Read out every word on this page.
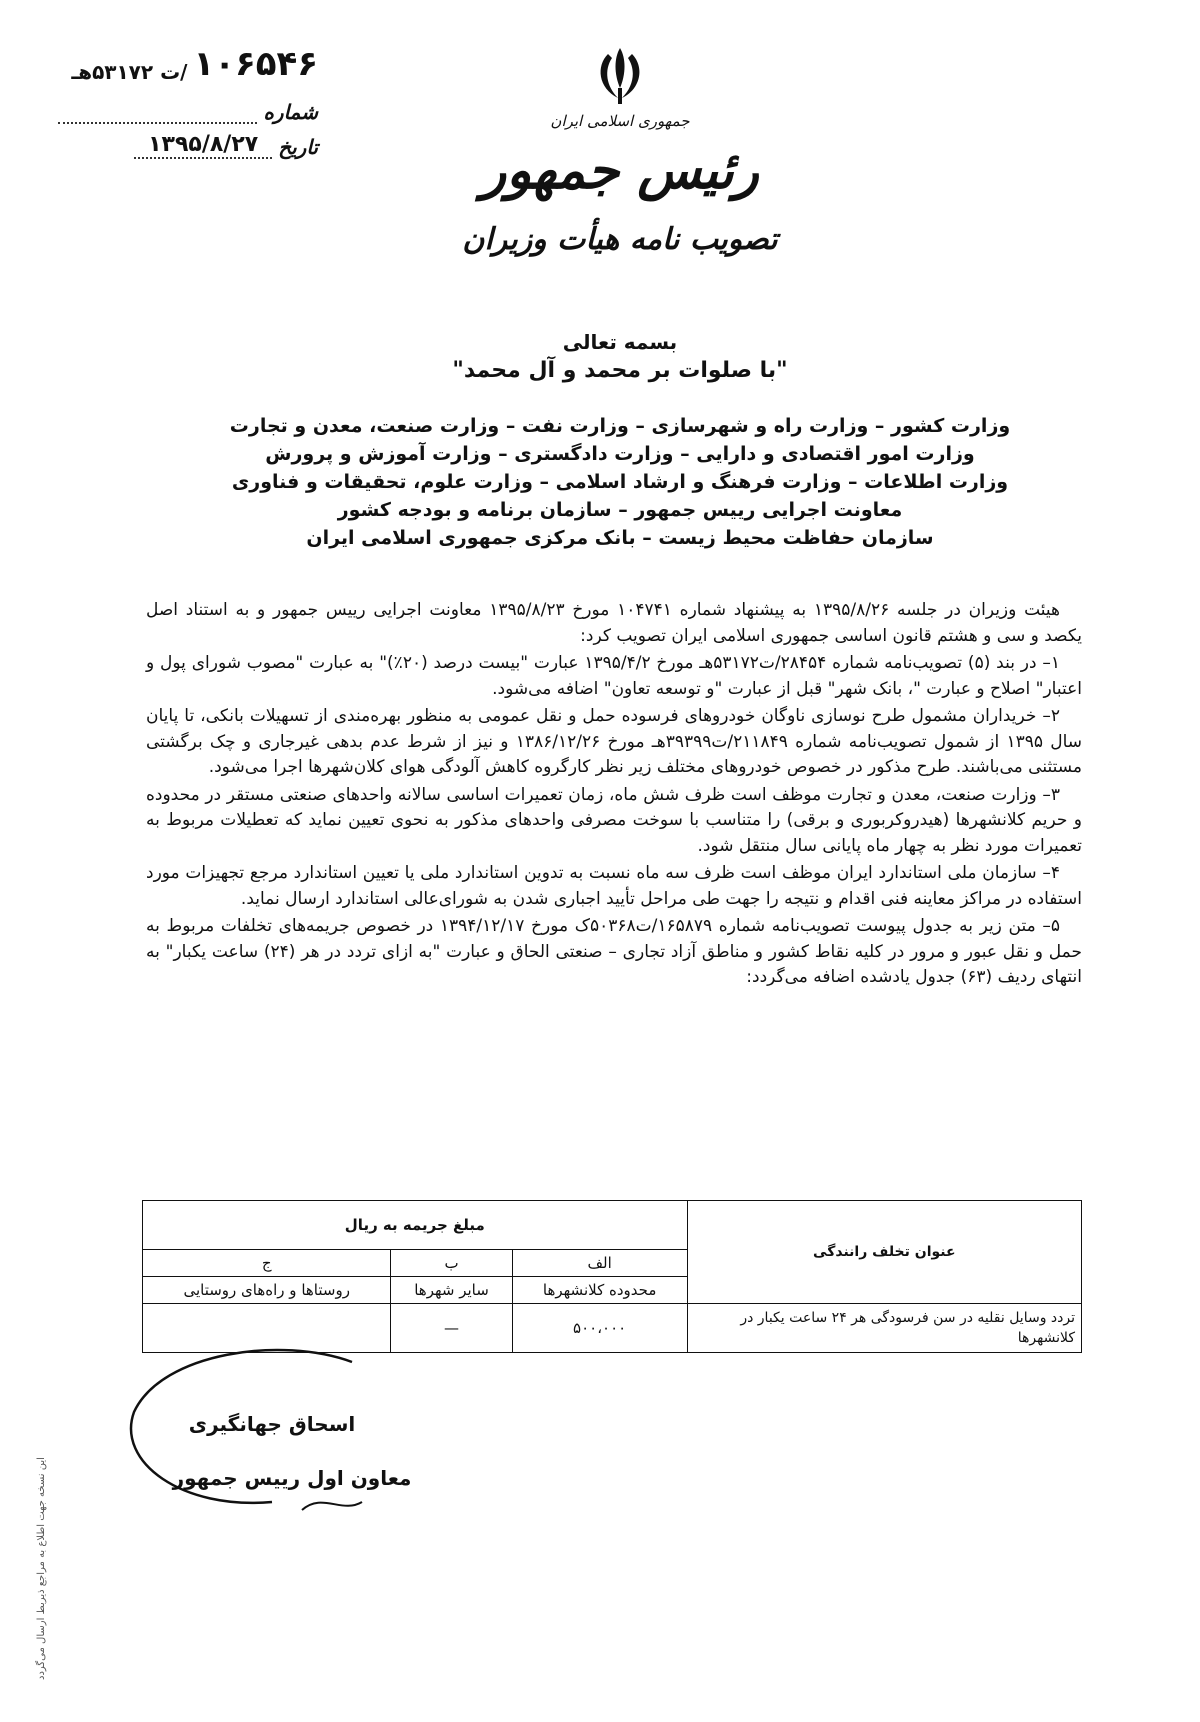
۱۰۶۵۴۶
/ت ۵۳۱۷۲هـ
شماره
تاریخ
۱۳۹۵/۸/۲۷
جمهوری اسلامی ایران
رئیس جمهور
تصویب نامه هیأت وزیران
بسمه تعالی
"با صلوات بر محمد و آل محمد"
وزارت کشور – وزارت راه و شهرسازی – وزارت نفت – وزارت صنعت، معدن و تجارت
وزارت امور اقتصادی و دارایی – وزارت دادگستری – وزارت آموزش و پرورش
وزارت اطلاعات – وزارت فرهنگ و ارشاد اسلامی – وزارت علوم، تحقیقات و فناوری
معاونت اجرایی رییس جمهور – سازمان برنامه و بودجه کشور
سازمان حفاظت محیط زیست – بانک مرکزی جمهوری اسلامی ایران

هیئت وزیران در جلسه ۱۳۹۵/۸/۲۶ به پیشنهاد شماره ۱۰۴۷۴۱ مورخ ۱۳۹۵/۸/۲۳ معاونت اجرایی رییس جمهور و به استناد اصل یکصد و سی و هشتم قانون اساسی جمهوری اسلامی ایران تصویب کرد:

۱– در بند (۵) تصویب‌نامه شماره ۲۸۴۵۴/ت۵۳۱۷۲هـ مورخ ۱۳۹۵/۴/۲ عبارت "بیست درصد (۲۰٪)" به عبارت "مصوب شورای پول و اعتبار" اصلاح و عبارت "، بانک شهر" قبل از عبارت "و توسعه تعاون" اضافه می‌شود.

۲– خریداران مشمول طرح نوسازی ناوگان خودروهای فرسوده حمل و نقل عمومی به منظور بهره‌مندی از تسهیلات بانکی، تا پایان سال ۱۳۹۵ از شمول تصویب‌نامه شماره ۲۱۱۸۴۹/ت۳۹۳۹۹هـ مورخ ۱۳۸۶/۱۲/۲۶ و نیز از شرط عدم بدهی غیرجاری و چک برگشتی مستثنی می‌باشند. طرح مذکور در خصوص خودروهای مختلف زیر نظر کارگروه کاهش آلودگی هوای کلان‌شهرها اجرا می‌شود.

۳– وزارت صنعت، معدن و تجارت موظف است ظرف شش ماه، زمان تعمیرات اساسی سالانه واحدهای صنعتی مستقر در محدوده و حریم کلانشهرها (هیدروکربوری و برقی) را متناسب با سوخت مصرفی واحدهای مذکور به نحوی تعیین نماید که تعطیلات مربوط به تعمیرات مورد نظر به چهار ماه پایانی سال منتقل شود.

۴– سازمان ملی استاندارد ایران موظف است ظرف سه ماه نسبت به تدوین استاندارد ملی یا تعیین استاندارد مرجع تجهیزات مورد استفاده در مراکز معاینه فنی اقدام و نتیجه را جهت طی مراحل تأیید اجباری شدن به شورای‌عالی استاندارد ارسال نماید.

۵– متن زیر به جدول پیوست تصویب‌نامه شماره ۱۶۵۸۷۹/ت۵۰۳۶۸ک مورخ ۱۳۹۴/۱۲/۱۷ در خصوص جریمه‌های تخلفات مربوط به حمل و نقل عبور و مرور در کلیه نقاط کشور و مناطق آزاد تجاری – صنعتی الحاق و عبارت "به ازای تردد در هر (۲۴) ساعت یکبار" به انتهای ردیف (۶۳) جدول یادشده اضافه می‌گردد:

عنوان تخلف رانندگی	مبلغ جریمه به ریال		
	الف	ب	ج
	محدوده کلانشهرها	سایر شهرها	روستاها و راه‌های روستایی
تردد وسایل نقلیه در سن فرسودگی هر ۲۴ ساعت یکبار در کلانشهرها	۵۰۰،۰۰۰	—	
اسحاق جهانگیری
معاون اول رییس جمهور
این نسخه جهت اطلاع به مراجع ذیربط ارسال می‌گردد
